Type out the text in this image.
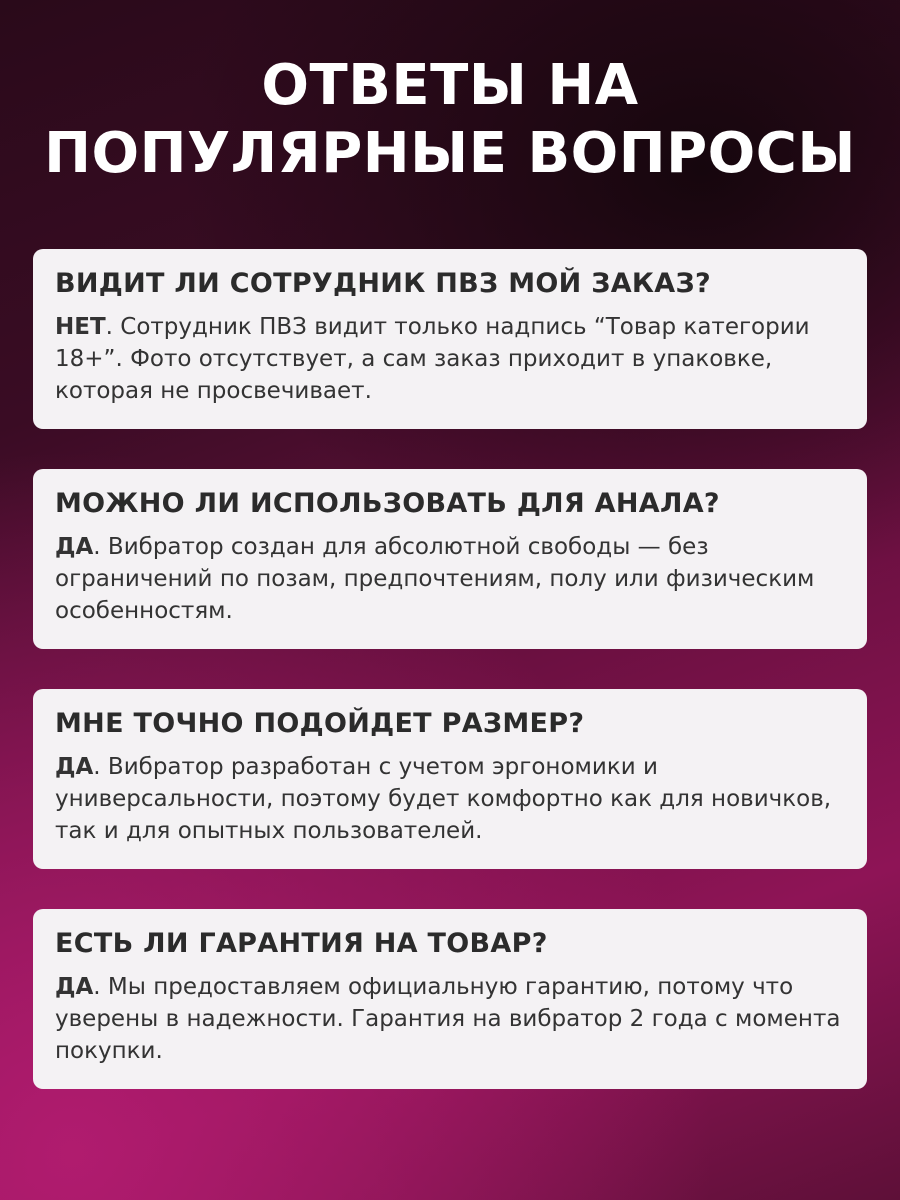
ОТВЕТЫ НА
ПОПУЛЯРНЫЕ ВОПРОСЫ

ВИДИТ ЛИ СОТРУДНИК ПВЗ МОЙ ЗАКАЗ?

НЕТ. Сотрудник ПВЗ видит только надпись “Товар категории 18+”. Фото отсутствует, а сам заказ приходит в упаковке, которая не просвечивает.

МОЖНО ЛИ ИСПОЛЬЗОВАТЬ ДЛЯ АНАЛА?

ДА. Вибратор создан для абсолютной свободы — без ограничений по позам, предпочтениям, полу или физическим особенностям.

МНЕ ТОЧНО ПОДОЙДЕТ РАЗМЕР?

ДА. Вибратор разработан с учетом эргономики и универсальности, поэтому будет комфортно как для новичков, так и для опытных пользователей.

ЕСТЬ ЛИ ГАРАНТИЯ НА ТОВАР?

ДА. Мы предоставляем официальную гарантию, потому что уверены в надежности. Гарантия на вибратор 2 года с момента покупки.
